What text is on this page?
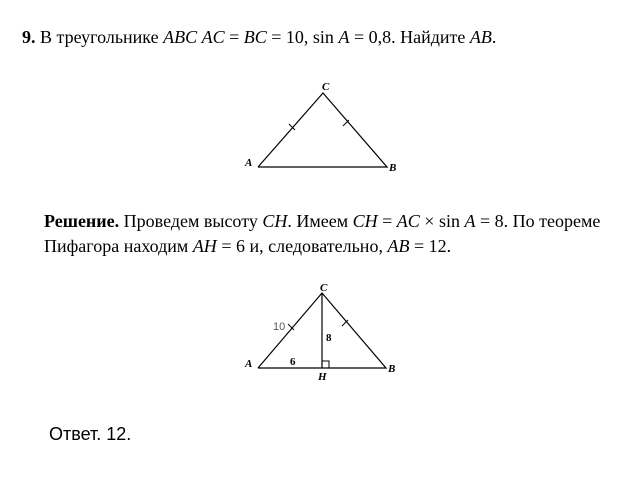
9. В треугольнике ABC AC = BC = 10, sin A = 0,8. Найдите AB.
A	B
C
Решение. Проведем высоту CH. Имеем CH = AC × sin A = 8. По теореме Пифагора находим AH = 6 и, следовательно, AB = 12.
A	B
C
H
10
8
6
Ответ. 12.
